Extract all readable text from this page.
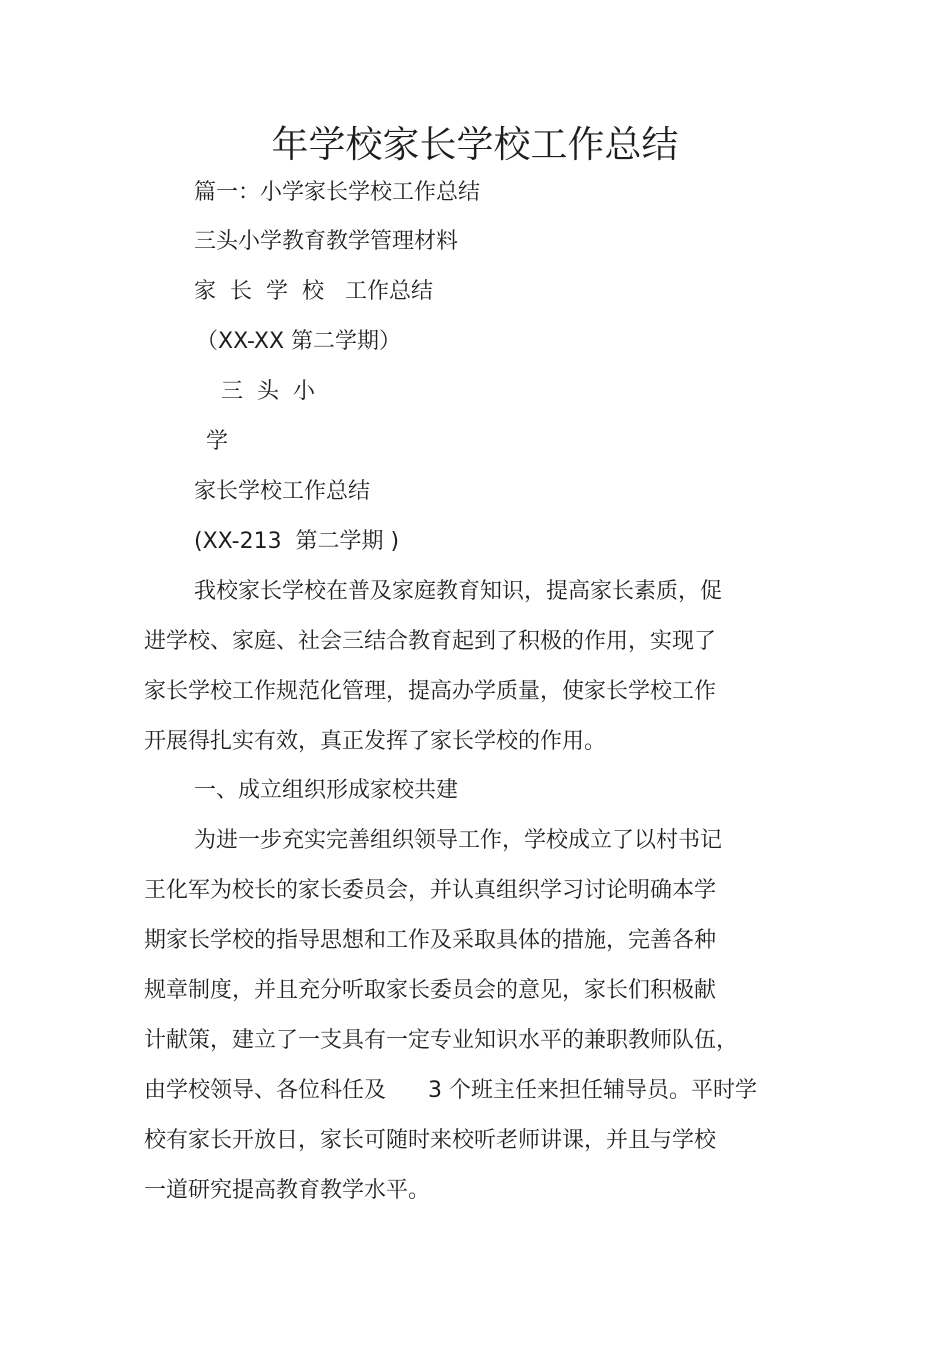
年学校家长学校工作总结
篇一：小学家长学校工作总结
三头小学教育教学管理材料
家  长  学  校   工作总结
（XX-XX 第二学期）
三  头  小
学
家长学校工作总结
(XX-213  第二学期 )
我校家长学校在普及家庭教育知识，提高家长素质，促
进学校、家庭、社会三结合教育起到了积极的作用，实现了
家长学校工作规范化管理，提高办学质量，使家长学校工作
开展得扎实有效，真正发挥了家长学校的作用。
一、成立组织形成家校共建
为进一步充实完善组织领导工作，学校成立了以村书记
王化军为校长的家长委员会，并认真组织学习讨论明确本学
期家长学校的指导思想和工作及采取具体的措施，完善各种
规章制度，并且充分听取家长委员会的意见，家长们积极献
计献策，建立了一支具有一定专业知识水平的兼职教师队伍，
由学校领导、各位科任及      3 个班主任来担任辅导员。平时学
校有家长开放日，家长可随时来校听老师讲课，并且与学校
一道研究提高教育教学水平。
